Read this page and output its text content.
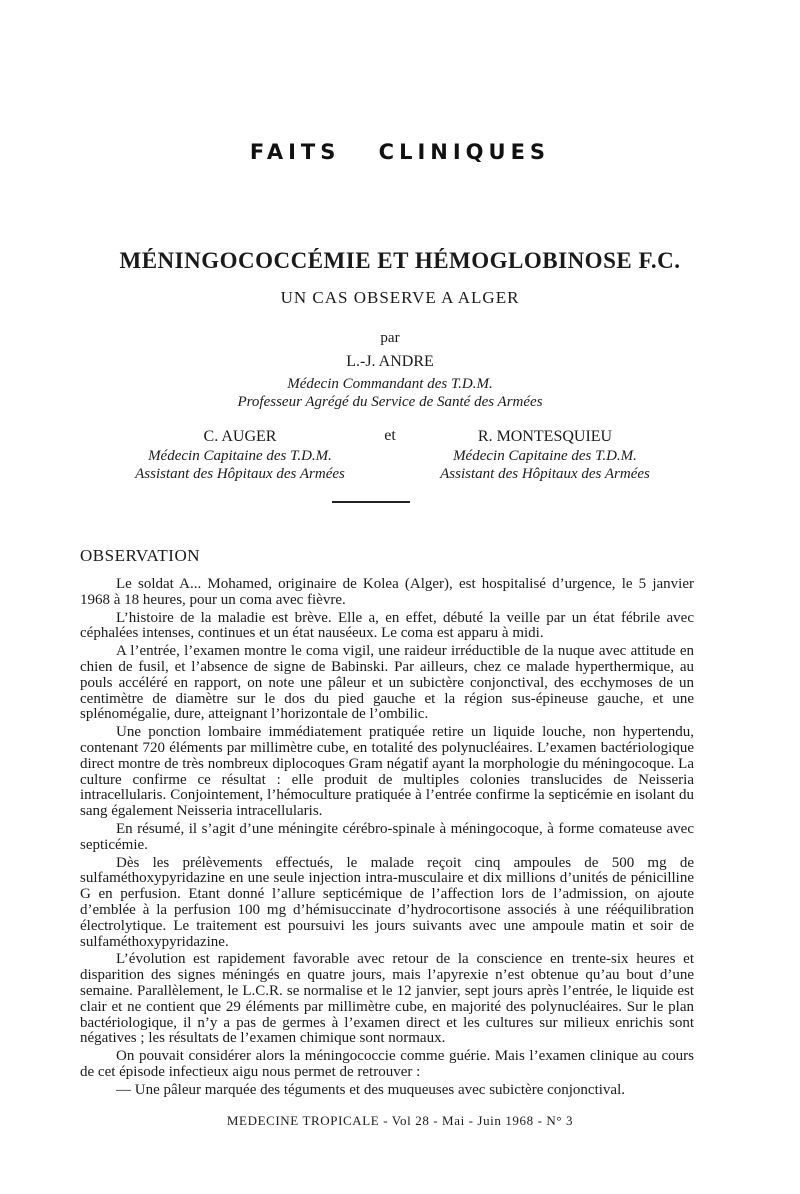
FAITS CLINIQUES
MÉNINGOCOCCÉMIE ET HÉMOGLOBINOSE F.C.
UN CAS OBSERVE A ALGER
par
L.-J. ANDRE
Médecin Commandant des T.D.M.
Professeur Agrégé du Service de Santé des Armées
C. AUGER
Médecin Capitaine des T.D.M.
Assistant des Hôpitaux des Armées
et	R. MONTESQUIEU
Médecin Capitaine des T.D.M.
Assistant des Hôpitaux des Armées
OBSERVATION

Le soldat A... Mohamed, originaire de Kolea (Alger), est hospitalisé d’urgence, le 5 janvier 1968 à 18 heures, pour un coma avec fièvre.

L’histoire de la maladie est brève. Elle a, en effet, débuté la veille par un état fébrile avec céphalées intenses, continues et un état nauséeux. Le coma est apparu à midi.

A l’entrée, l’examen montre le coma vigil, une raideur irréductible de la nuque avec attitude en chien de fusil, et l’absence de signe de Babinski. Par ailleurs, chez ce malade hyperthermique, au pouls accéléré en rapport, on note une pâleur et un subictère conjonctival, des ecchymoses de un centimètre de diamètre sur le dos du pied gauche et la région sus-épineuse gauche, et une splénomégalie, dure, atteignant l’horizontale de l’ombilic.

Une ponction lombaire immédiatement pratiquée retire un liquide louche, non hypertendu, contenant 720 éléments par millimètre cube, en totalité des polynucléaires. L’examen bactériologique direct montre de très nombreux diplocoques Gram négatif ayant la morphologie du méningocoque. La culture confirme ce résultat : elle produit de multiples colonies translucides de Neisseria intracellularis. Conjointement, l’hémoculture pratiquée à l’entrée confirme la septicémie en isolant du sang également Neisseria intracellularis.

En résumé, il s’agit d’une méningite cérébro-spinale à méningocoque, à forme comateuse avec septicémie.

Dès les prélèvements effectués, le malade reçoit cinq ampoules de 500 mg de sulfaméthoxypyridazine en une seule injection intra-musculaire et dix millions d’unités de pénicilline G en perfusion. Etant donné l’allure septicémique de l’affection lors de l’admission, on ajoute d’emblée à la perfusion 100 mg d’hémisuccinate d’hydrocortisone associés à une rééquilibration électrolytique. Le traitement est poursuivi les jours suivants avec une ampoule matin et soir de sulfaméthoxypyridazine.

L’évolution est rapidement favorable avec retour de la conscience en trente-six heures et disparition des signes méningés en quatre jours, mais l’apyrexie n’est obtenue qu’au bout d’une semaine. Parallèlement, le L.C.R. se normalise et le 12 janvier, sept jours après l’entrée, le liquide est clair et ne contient que 29 éléments par millimètre cube, en majorité des polynucléaires. Sur le plan bactériologique, il n’y a pas de germes à l’examen direct et les cultures sur milieux enrichis sont négatives ; les résultats de l’examen chimique sont normaux.

On pouvait considérer alors la méningococcie comme guérie. Mais l’examen clinique au cours de cet épisode infectieux aigu nous permet de retrouver :

— Une pâleur marquée des téguments et des muqueuses avec subictère conjonctival.

MEDECINE TROPICALE - Vol 28 - Mai - Juin 1968 - N° 3
